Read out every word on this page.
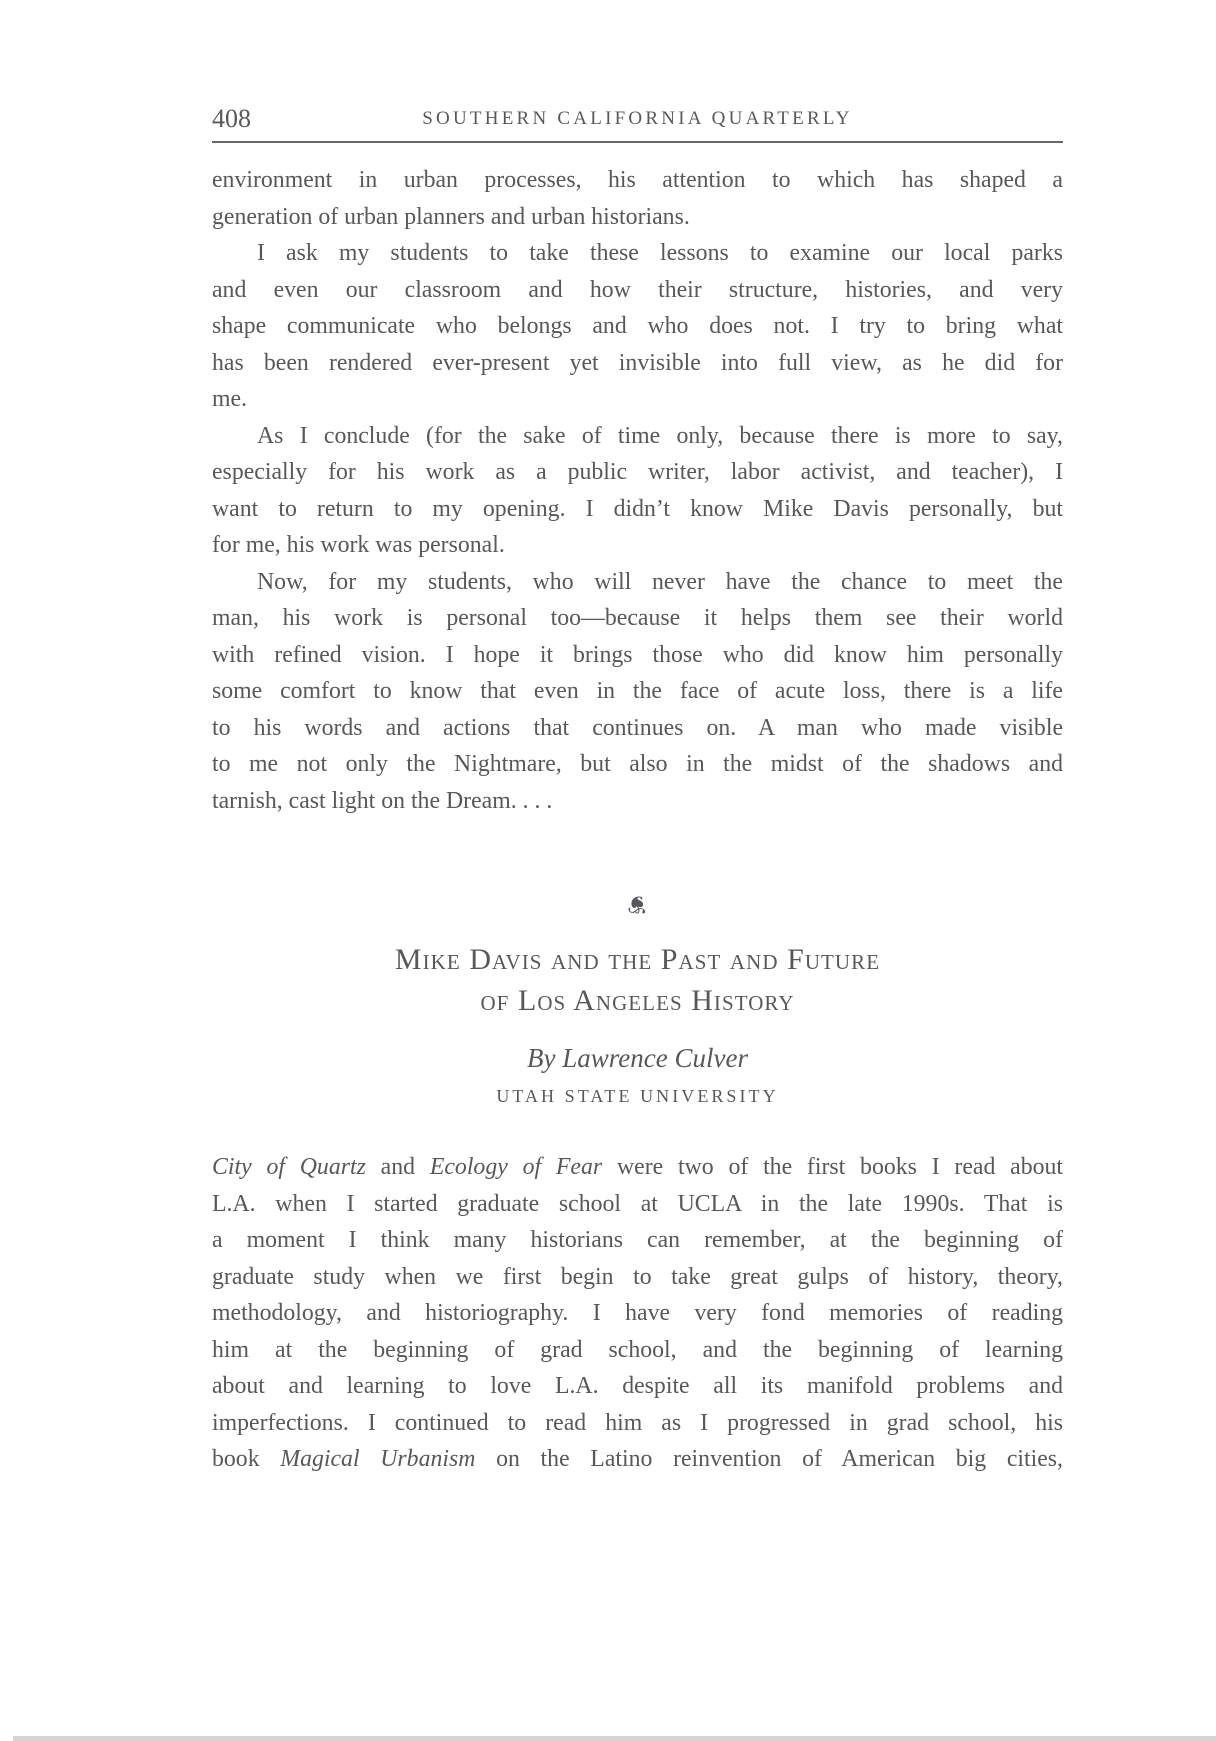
408	SOUTHERN CALIFORNIA QUARTERLY
environment in urban processes, his attention to which has shaped a
generation of urban planners and urban historians.
I ask my students to take these lessons to examine our local parks
and even our classroom and how their structure, histories, and very
shape communicate who belongs and who does not. I try to bring what
has been rendered ever-present yet invisible into full view, as he did for
me.
As I conclude (for the sake of time only, because there is more to say,
especially for his work as a public writer, labor activist, and teacher), I
want to return to my opening. I didn’t know Mike Davis personally, but
for me, his work was personal.
Now, for my students, who will never have the chance to meet the
man, his work is personal too—because it helps them see their world
with refined vision. I hope it brings those who did know him personally
some comfort to know that even in the face of acute loss, there is a life
to his words and actions that continues on. A man who made visible
to me not only the Nightmare, but also in the midst of the shadows and
tarnish, cast light on the Dream. . . .
❦
Mike Davis and the Past and Future
of Los Angeles History
By Lawrence Culver
UTAH STATE UNIVERSITY
City of Quartz and Ecology of Fear were two of the first books I read about
L.A. when I started graduate school at UCLA in the late 1990s. That is
a moment I think many historians can remember, at the beginning of
graduate study when we first begin to take great gulps of history, theory,
methodology, and historiography. I have very fond memories of reading
him at the beginning of grad school, and the beginning of learning
about and learning to love L.A. despite all its manifold problems and
imperfections. I continued to read him as I progressed in grad school, his
book Magical Urbanism on the Latino reinvention of American big cities,
